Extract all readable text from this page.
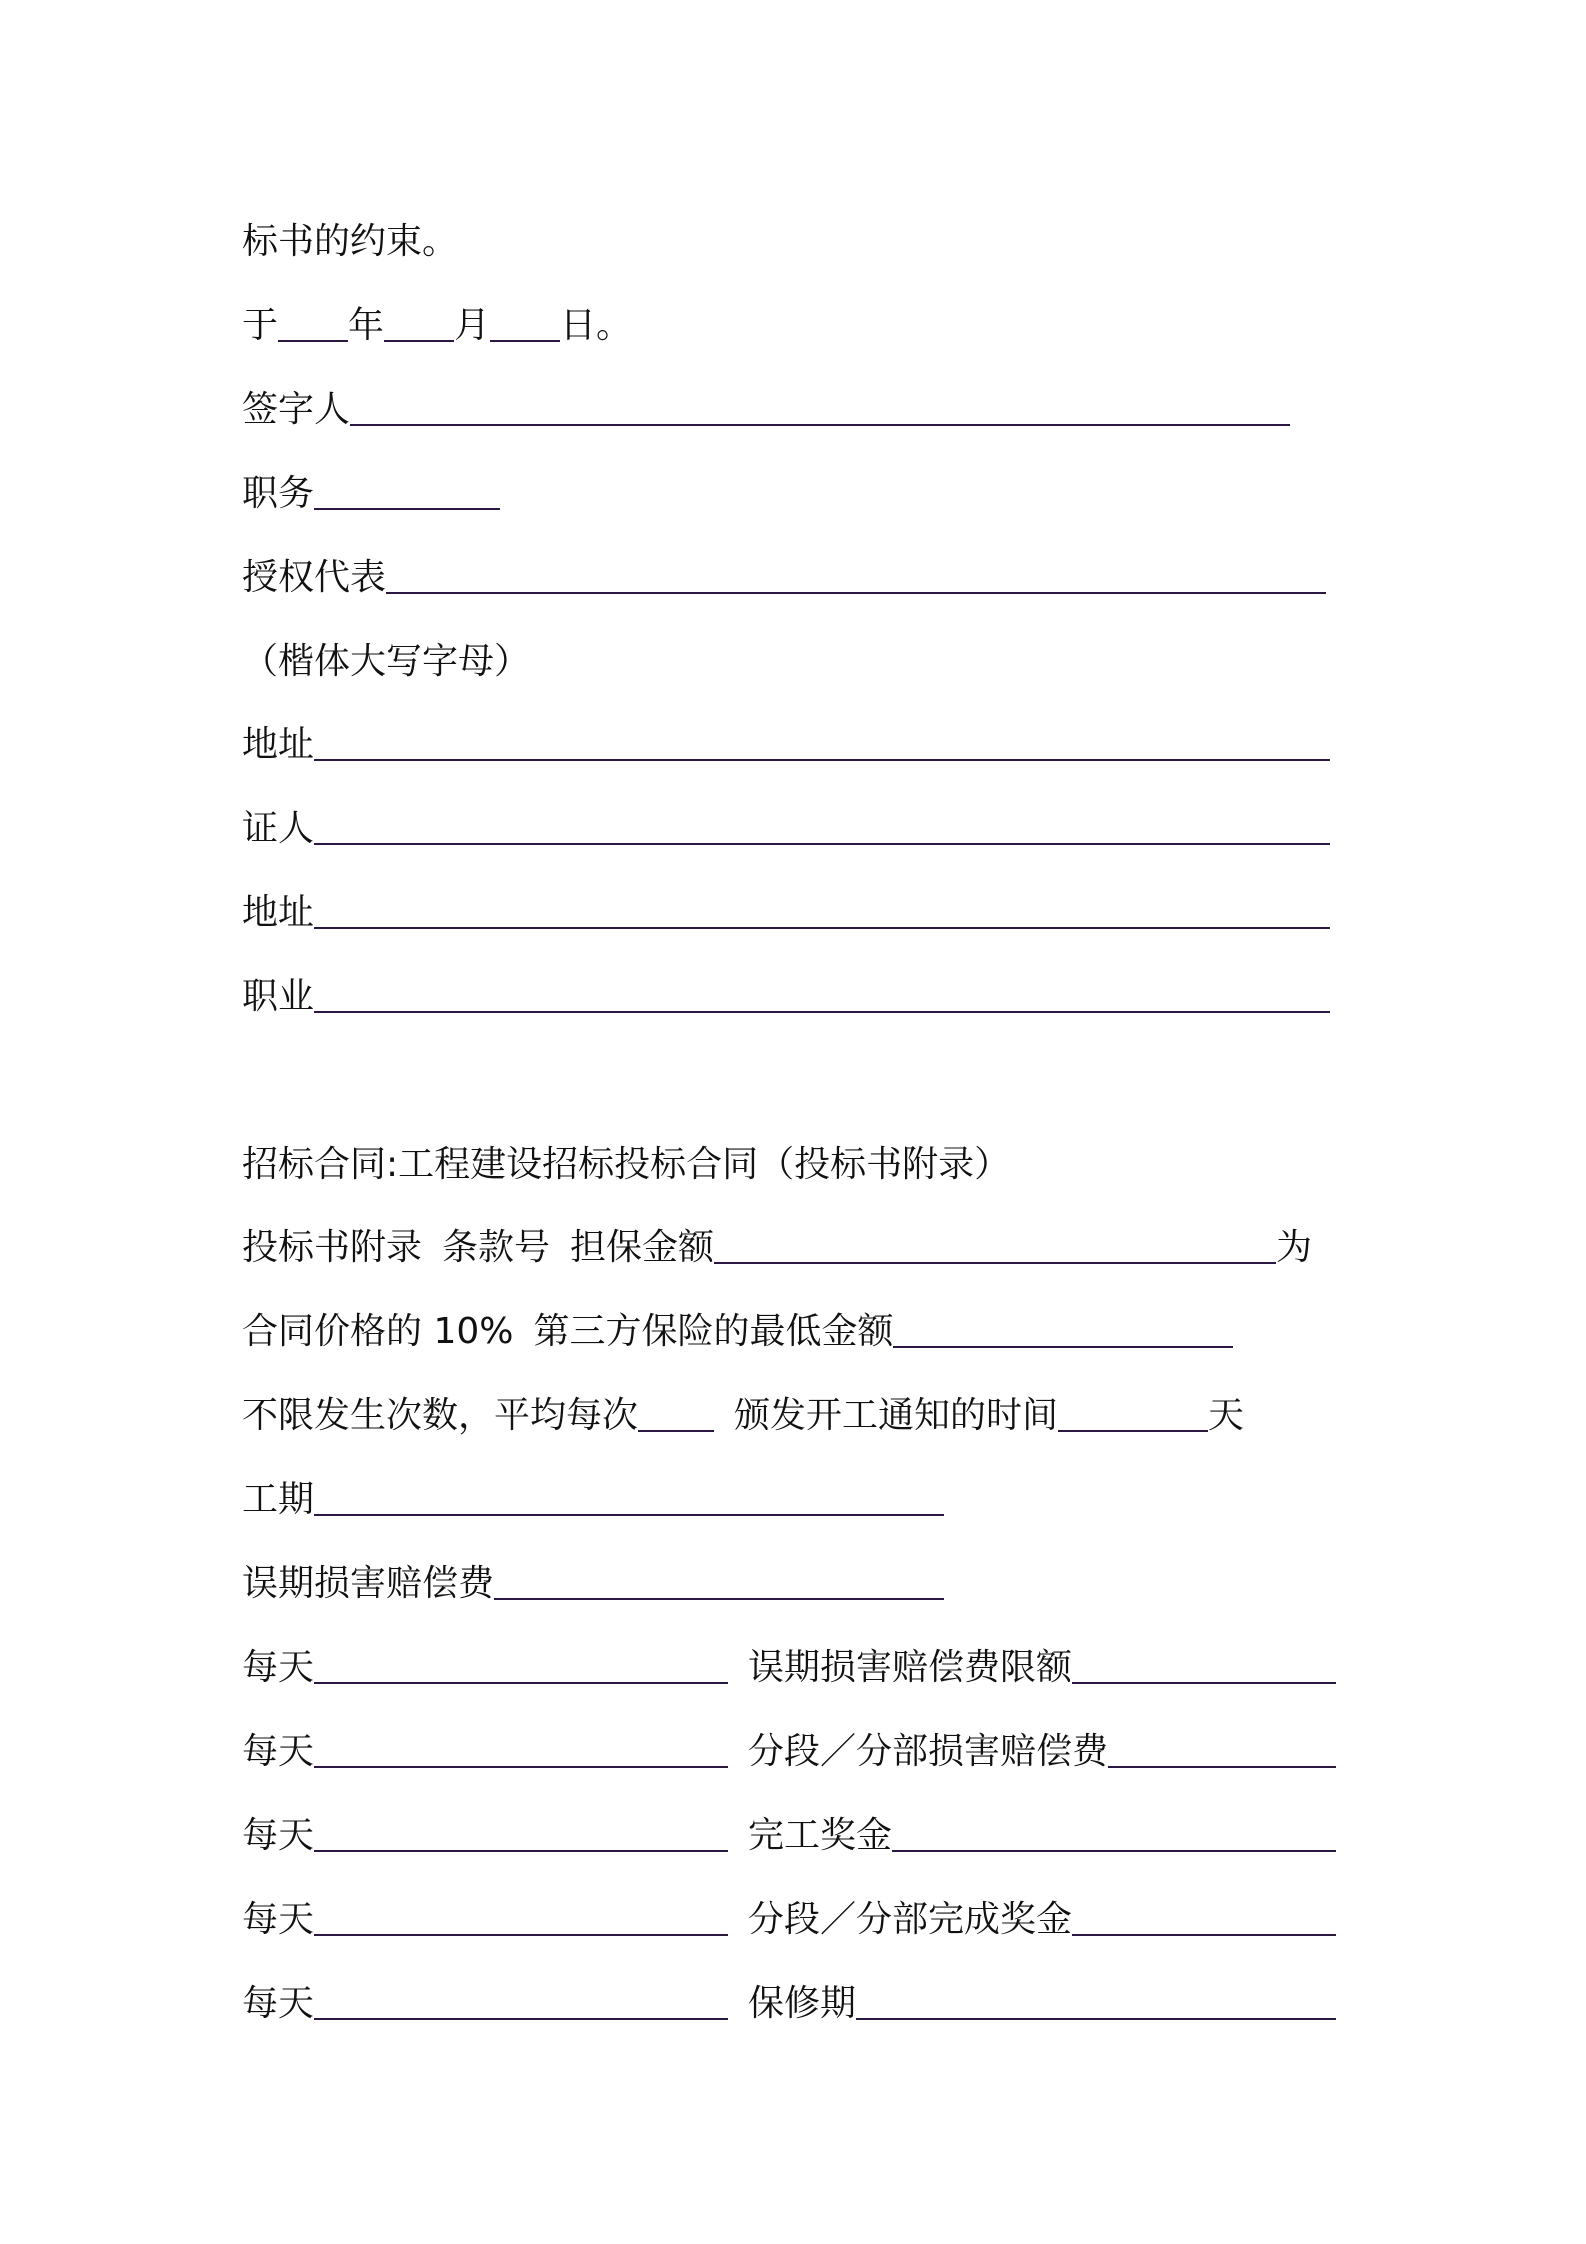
标书的约束。
于 年 月 日。
签字人
职务
授权代表
（楷体大写字母）
地址
证人
地址
职业
招标合同:工程建设招标投标合同（投标书附录）
投标书附录 条款号 担保金额	为
合同价格的 10% 第三方保险的最低金额
不限发生次数，平均每次	颁发开工通知的时间	天
工期
误期损害赔偿费
每天	误期损害赔偿费限额
每天	分段／分部损害赔偿费
每天	完工奖金
每天	分段／分部完成奖金
每天	保修期
